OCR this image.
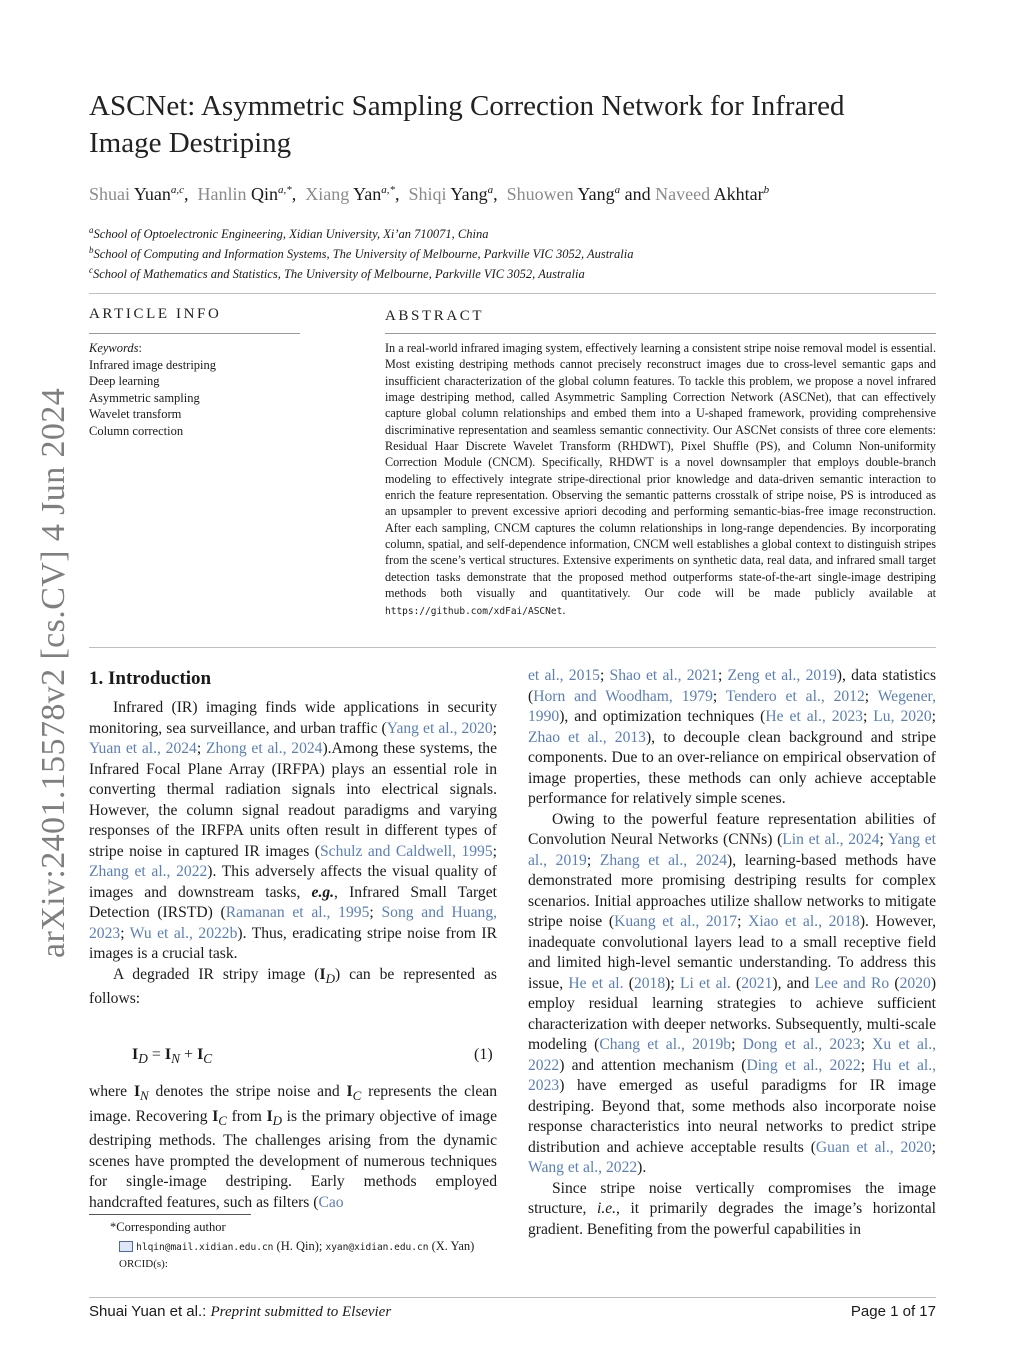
ASCNet: Asymmetric Sampling Correction Network for Infrared
Image Destriping
Shuai Yuan$^{a,c}$,  Hanlin Qin$^{a,*}$,  Xiang Yan$^{a,*}$,  Shiqi Yang$^a$,  Shuowen Yang$^a$ and Naveed Akhtar$^b$
$^a$School of Optoelectronic Engineering, Xidian University, Xi’an 710071, China
$^b$School of Computing and Information Systems, The University of Melbourne, Parkville VIC 3052, Australia
$^c$School of Mathematics and Statistics, The University of Melbourne, Parkville VIC 3052, Australia
ARTICLE INFO
Keywords:
Infrared image destriping
Deep learning
Asymmetric sampling
Wavelet transform
Column correction
ABSTRACT
In a real-world infrared imaging system, effectively learning a consistent stripe noise removal model is essential. Most existing destriping methods cannot precisely reconstruct images due to cross-level semantic gaps and insufficient characterization of the global column features. To tackle this problem, we propose a novel infrared image destriping method, called Asymmetric Sampling Correction Network (ASCNet), that can effectively capture global column relationships and embed them into a U-shaped framework, providing comprehensive discriminative representation and seamless semantic connectivity. Our ASCNet consists of three core elements: Residual Haar Discrete Wavelet Transform (RHDWT), Pixel Shuffle (PS), and Column Non-uniformity Correction Module (CNCM). Specifically, RHDWT is a novel downsampler that employs double-branch modeling to effectively integrate stripe-directional prior knowledge and data-driven semantic interaction to enrich the feature representation. Observing the semantic patterns crosstalk of stripe noise, PS is introduced as an upsampler to prevent excessive apriori decoding and performing semantic-bias-free image reconstruction. After each sampling, CNCM captures the column relationships in long-range dependencies. By incorporating column, spatial, and self-dependence information, CNCM well establishes a global context to distinguish stripes from the scene’s vertical structures. Extensive experiments on synthetic data, real data, and infrared small target detection tasks demonstrate that the proposed method outperforms state-of-the-art single-image destriping methods both visually and quantitatively. Our code will be made publicly available at https://github.com/xdFai/ASCNet.
arXiv:2401.15578v2 [cs.CV] 4 Jun 2024 1. Introduction

Infrared (IR) imaging finds wide applications in security monitoring, sea surveillance, and urban traffic (Yang et al., 2020; Yuan et al., 2024; Zhong et al., 2024).Among these systems, the Infrared Focal Plane Array (IRFPA) plays an essential role in converting thermal radiation signals into electrical signals. However, the column signal readout paradigms and varying responses of the IRFPA units often result in different types of stripe noise in captured IR images (Schulz and Caldwell, 1995; Zhang et al., 2022). This adversely affects the visual quality of images and downstream tasks, e.g., Infrared Small Target Detection (IRSTD) (Ramanan et al., 1995; Song and Huang, 2023; Wu et al., 2022b). Thus, eradicating stripe noise from IR images is a crucial task.

A degraded IR stripy image $(I_D)$ can be represented as follows:

$I_D = I_N + I_C$	(1)

where $I_N$ denotes the stripe noise and $I_C$ represents the clean image. Recovering $I_C$ from $I_D$ is the primary objective of image destriping methods. The challenges arising from the dynamic scenes have prompted the development of numerous techniques for single-image destriping. Early methods employed handcrafted features, such as filters (Cao

et al., 2015; Shao et al., 2021; Zeng et al., 2019), data statistics (Horn and Woodham, 1979; Tendero et al., 2012; Wegener, 1990), and optimization techniques (He et al., 2023; Lu, 2020; Zhao et al., 2013), to decouple clean background and stripe components. Due to an over-reliance on empirical observation of image properties, these methods can only achieve acceptable performance for relatively simple scenes.

Owing to the powerful feature representation abilities of Convolution Neural Networks (CNNs) (Lin et al., 2024; Yang et al., 2019; Zhang et al., 2024), learning-based methods have demonstrated more promising destriping results for complex scenarios. Initial approaches utilize shallow networks to mitigate stripe noise (Kuang et al., 2017; Xiao et al., 2018). However, inadequate convolutional layers lead to a small receptive field and limited high-level semantic understanding. To address this issue, He et al. (2018); Li et al. (2021), and Lee and Ro (2020) employ residual learning strategies to achieve sufficient characterization with deeper networks. Subsequently, multi-scale modeling (Chang et al., 2019b; Dong et al., 2023; Xu et al., 2022) and attention mechanism (Ding et al., 2022; Hu et al., 2023) have emerged as useful paradigms for IR image destriping. Beyond that, some methods also incorporate noise response characteristics into neural networks to predict stripe distribution and achieve acceptable results (Guan et al., 2020; Wang et al., 2022).

Since stripe noise vertically compromises the image structure, i.e., it primarily degrades the image’s horizontal gradient. Benefiting from the powerful capabilities in

*Corresponding author
hlqin@mail.xidian.edu.cn (H. Qin); xyan@xidian.edu.cn (X. Yan)
ORCID(s):
Shuai Yuan et al.: Preprint submitted to Elsevier	Page 1 of 17
